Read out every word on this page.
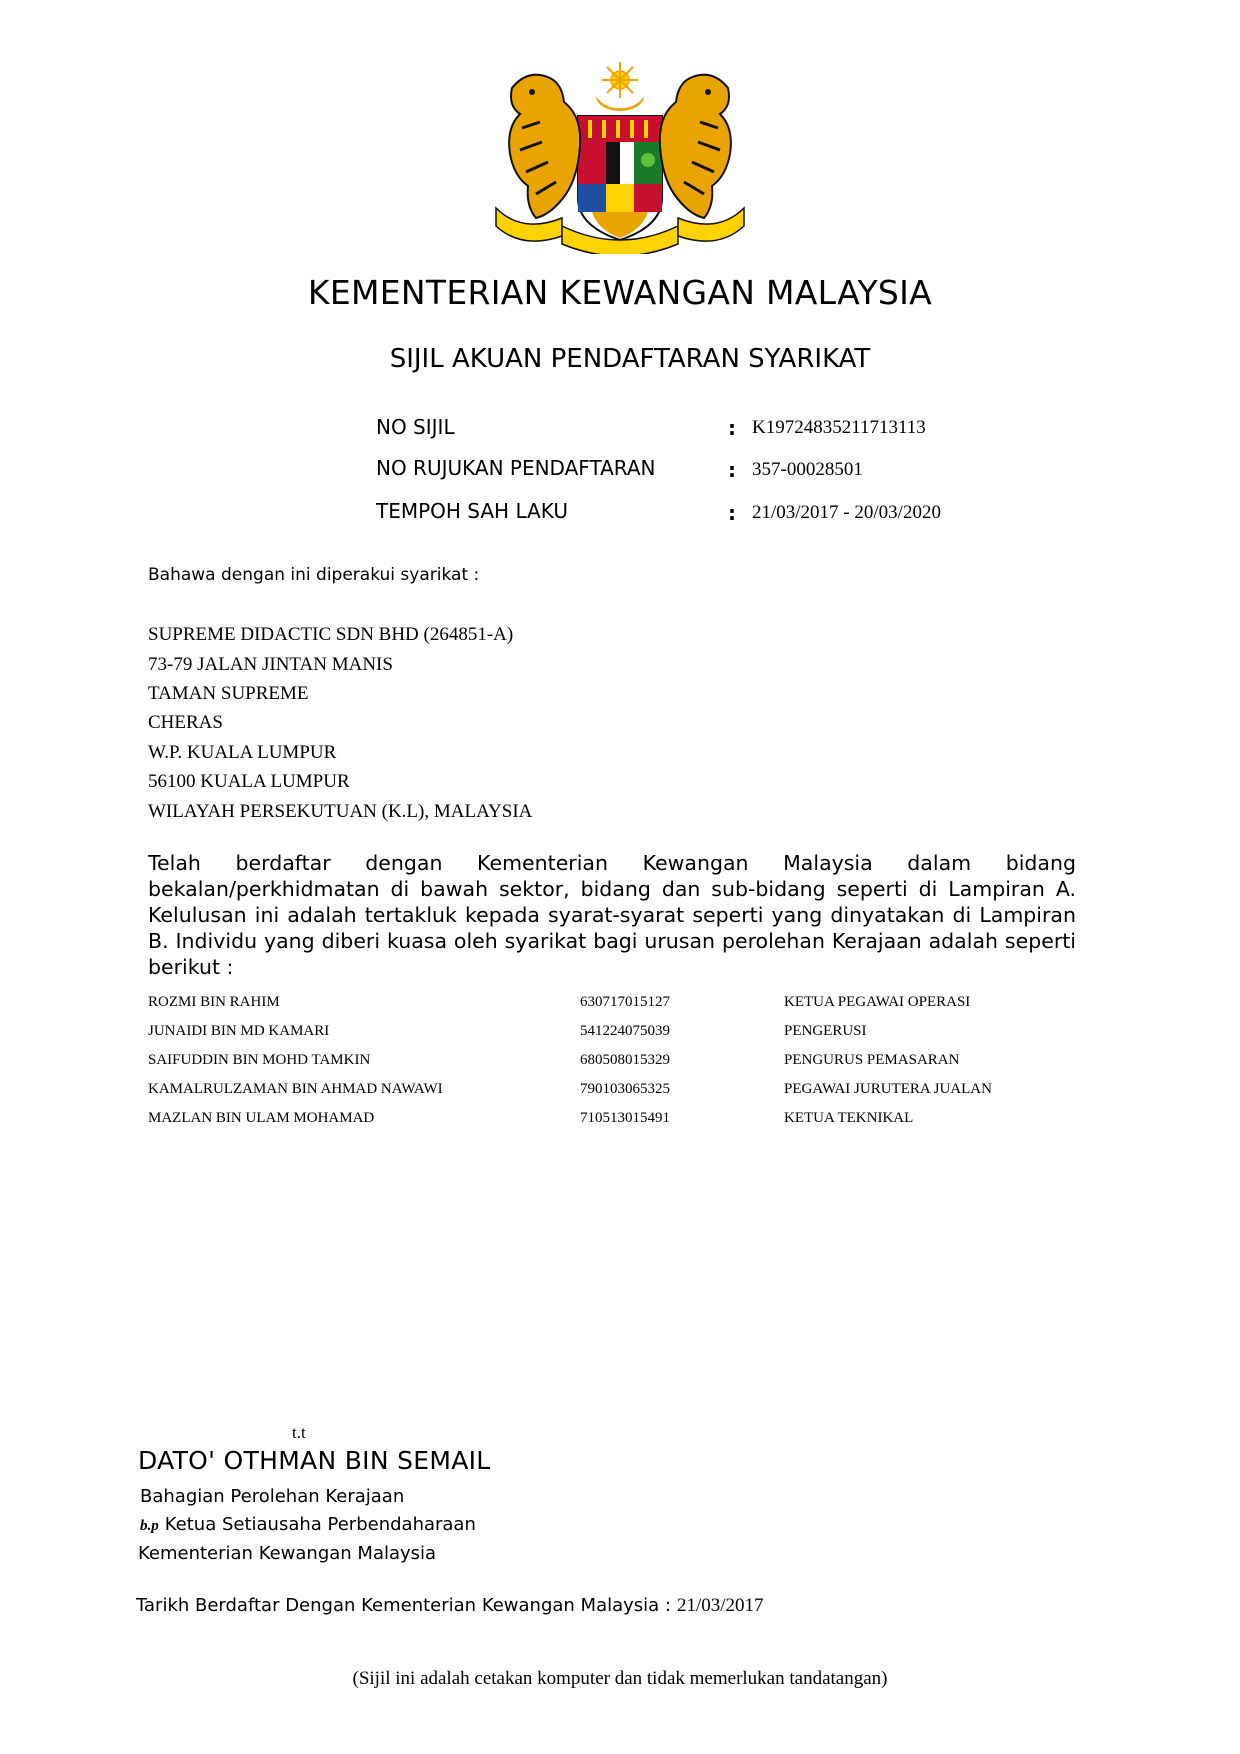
KEMENTERIAN KEWANGAN MALAYSIA
SIJIL AKUAN PENDAFTARAN SYARIKAT
NO SIJIL	: K19724835211713113
NO RUJUKAN PENDAFTARAN	: 357-00028501
TEMPOH SAH LAKU	: 21/03/2017 - 20/03/2020
Bahawa dengan ini diperakui syarikat :
SUPREME DIDACTIC SDN BHD (264851-A)
73-79 JALAN JINTAN MANIS
TAMAN SUPREME
CHERAS
W.P. KUALA LUMPUR
56100 KUALA LUMPUR
WILAYAH PERSEKUTUAN (K.L), MALAYSIA
Telah berdaftar dengan Kementerian Kewangan Malaysia dalam bidang bekalan/perkhidmatan di bawah sektor, bidang dan sub-bidang seperti di Lampiran A. Kelulusan ini adalah tertakluk kepada syarat-syarat seperti yang dinyatakan di Lampiran B. Individu yang diberi kuasa oleh syarikat bagi urusan perolehan Kerajaan adalah seperti berikut :
ROZMI BIN RAHIM	630717015127	KETUA PEGAWAI OPERASI
JUNAIDI BIN MD KAMARI	541224075039	PENGERUSI
SAIFUDDIN BIN MOHD TAMKIN	680508015329	PENGURUS PEMASARAN
KAMALRULZAMAN BIN AHMAD NAWAWI	790103065325	PEGAWAI JURUTERA JUALAN
MAZLAN BIN ULAM MOHAMAD	710513015491	KETUA TEKNIKAL
t.t
DATO' OTHMAN BIN SEMAIL
Bahagian Perolehan Kerajaan
b.p Ketua Setiausaha Perbendaharaan
Kementerian Kewangan Malaysia
Tarikh Berdaftar Dengan Kementerian Kewangan Malaysia : 21/03/2017
(Sijil ini adalah cetakan komputer dan tidak memerlukan tandatangan)
